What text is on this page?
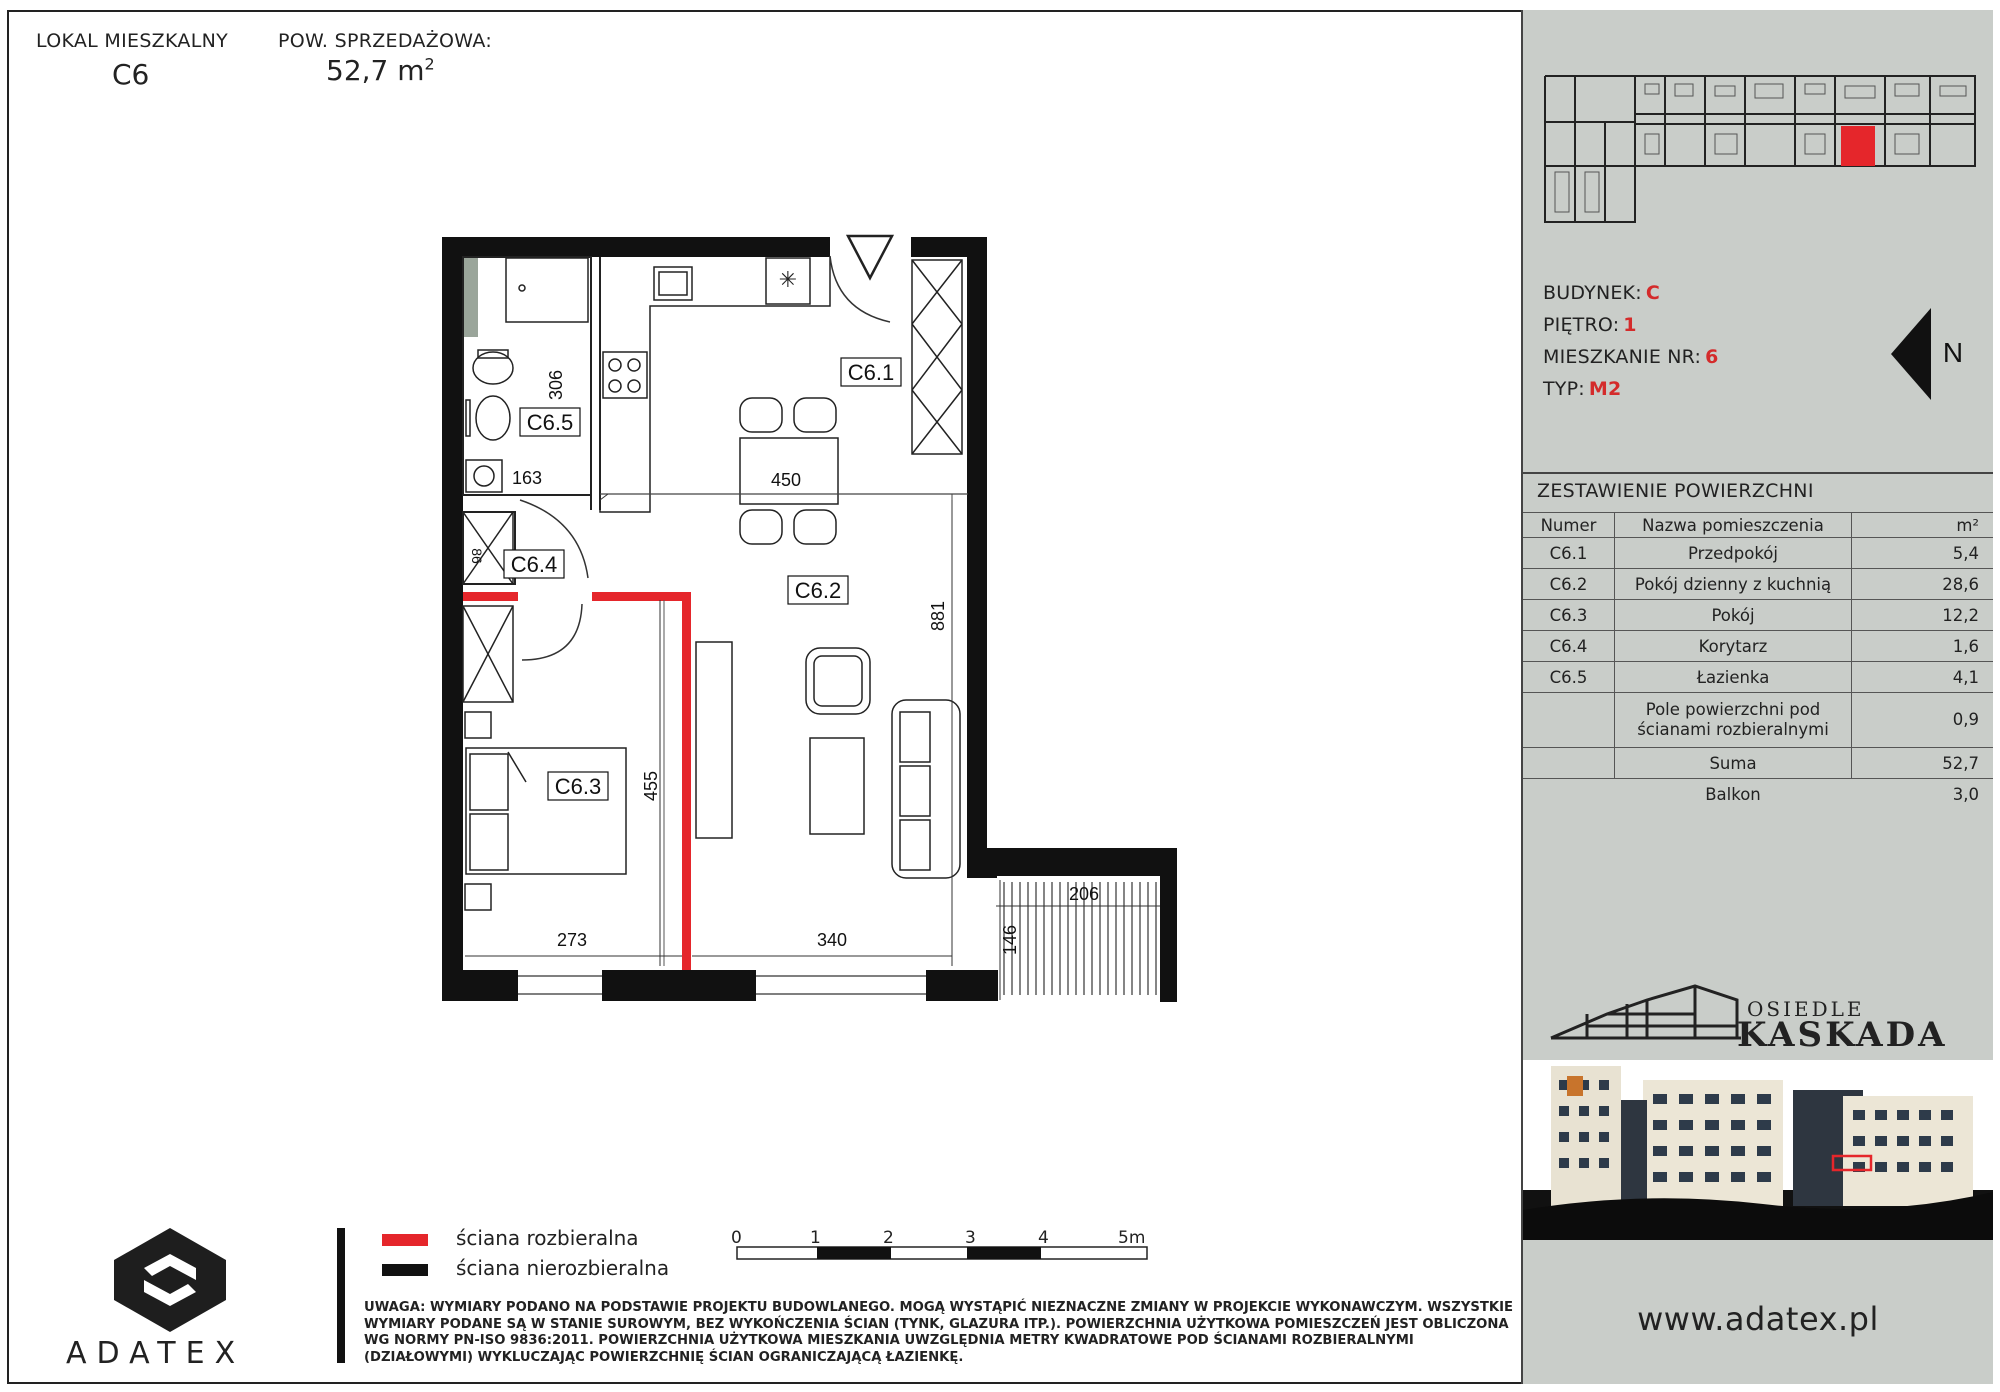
LOKAL MIESZKALNY
C6
POW. SPRZEDAŻOWA:
52,7 $m^2$
✳
C6.1
C6.2
C6.3
C6.4
C6.5
306
163	450
86
881
455
273	340
206
146
ADATEX
ściana rozbieralna
ściana nierozbieralna
0	1	2	3	4	5m
UWAGA: WYMIARY PODANO NA PODSTAWIE PROJEKTU BUDOWLANEGO. MOGĄ WYSTĄPIĆ NIEZNACZNE ZMIANY W PROJEKCIE WYKONAWCZYM. WSZYSTKIE WYMIARY PODANE SĄ W STANIE SUROWYM, BEZ WYKOŃCZENIA ŚCIAN (TYNK, GLAZURA ITP.). POWIERZCHNIA UŻYTKOWA POMIESZCZEŃ JEST OBLICZONA WG NORMY PN-ISO 9836:2011. POWIERZCHNIA UŻYTKOWA MIESZKANIA UWZGLĘDNIA METRY KWADRATOWE POD ŚCIANAMI ROZBIERALNYMI (DZIAŁOWYMI) WYKLUCZAJĄC POWIERZCHNIĘ ŚCIAN OGRANICZAJĄCĄ ŁAZIENKĘ.
BUDYNEK: C
PIĘTRO: 1
MIESZKANIE NR: 6
TYP: M2
N
ZESTAWIENIE POWIERZCHNI
Numer	Nazwa pomieszczenia	m²
C6.1	Przedpokój	5,4
C6.2	Pokój dzienny z kuchnią	28,6
C6.3	Pokój	12,2
C6.4	Korytarz	1,6
C6.5	Łazienka	4,1
	Pole powierzchni pod
ścianami rozbieralnymi	0,9
	Suma	52,7
	Balkon	3,0
OSIEDLE
KASKADA
www.adatex.pl
